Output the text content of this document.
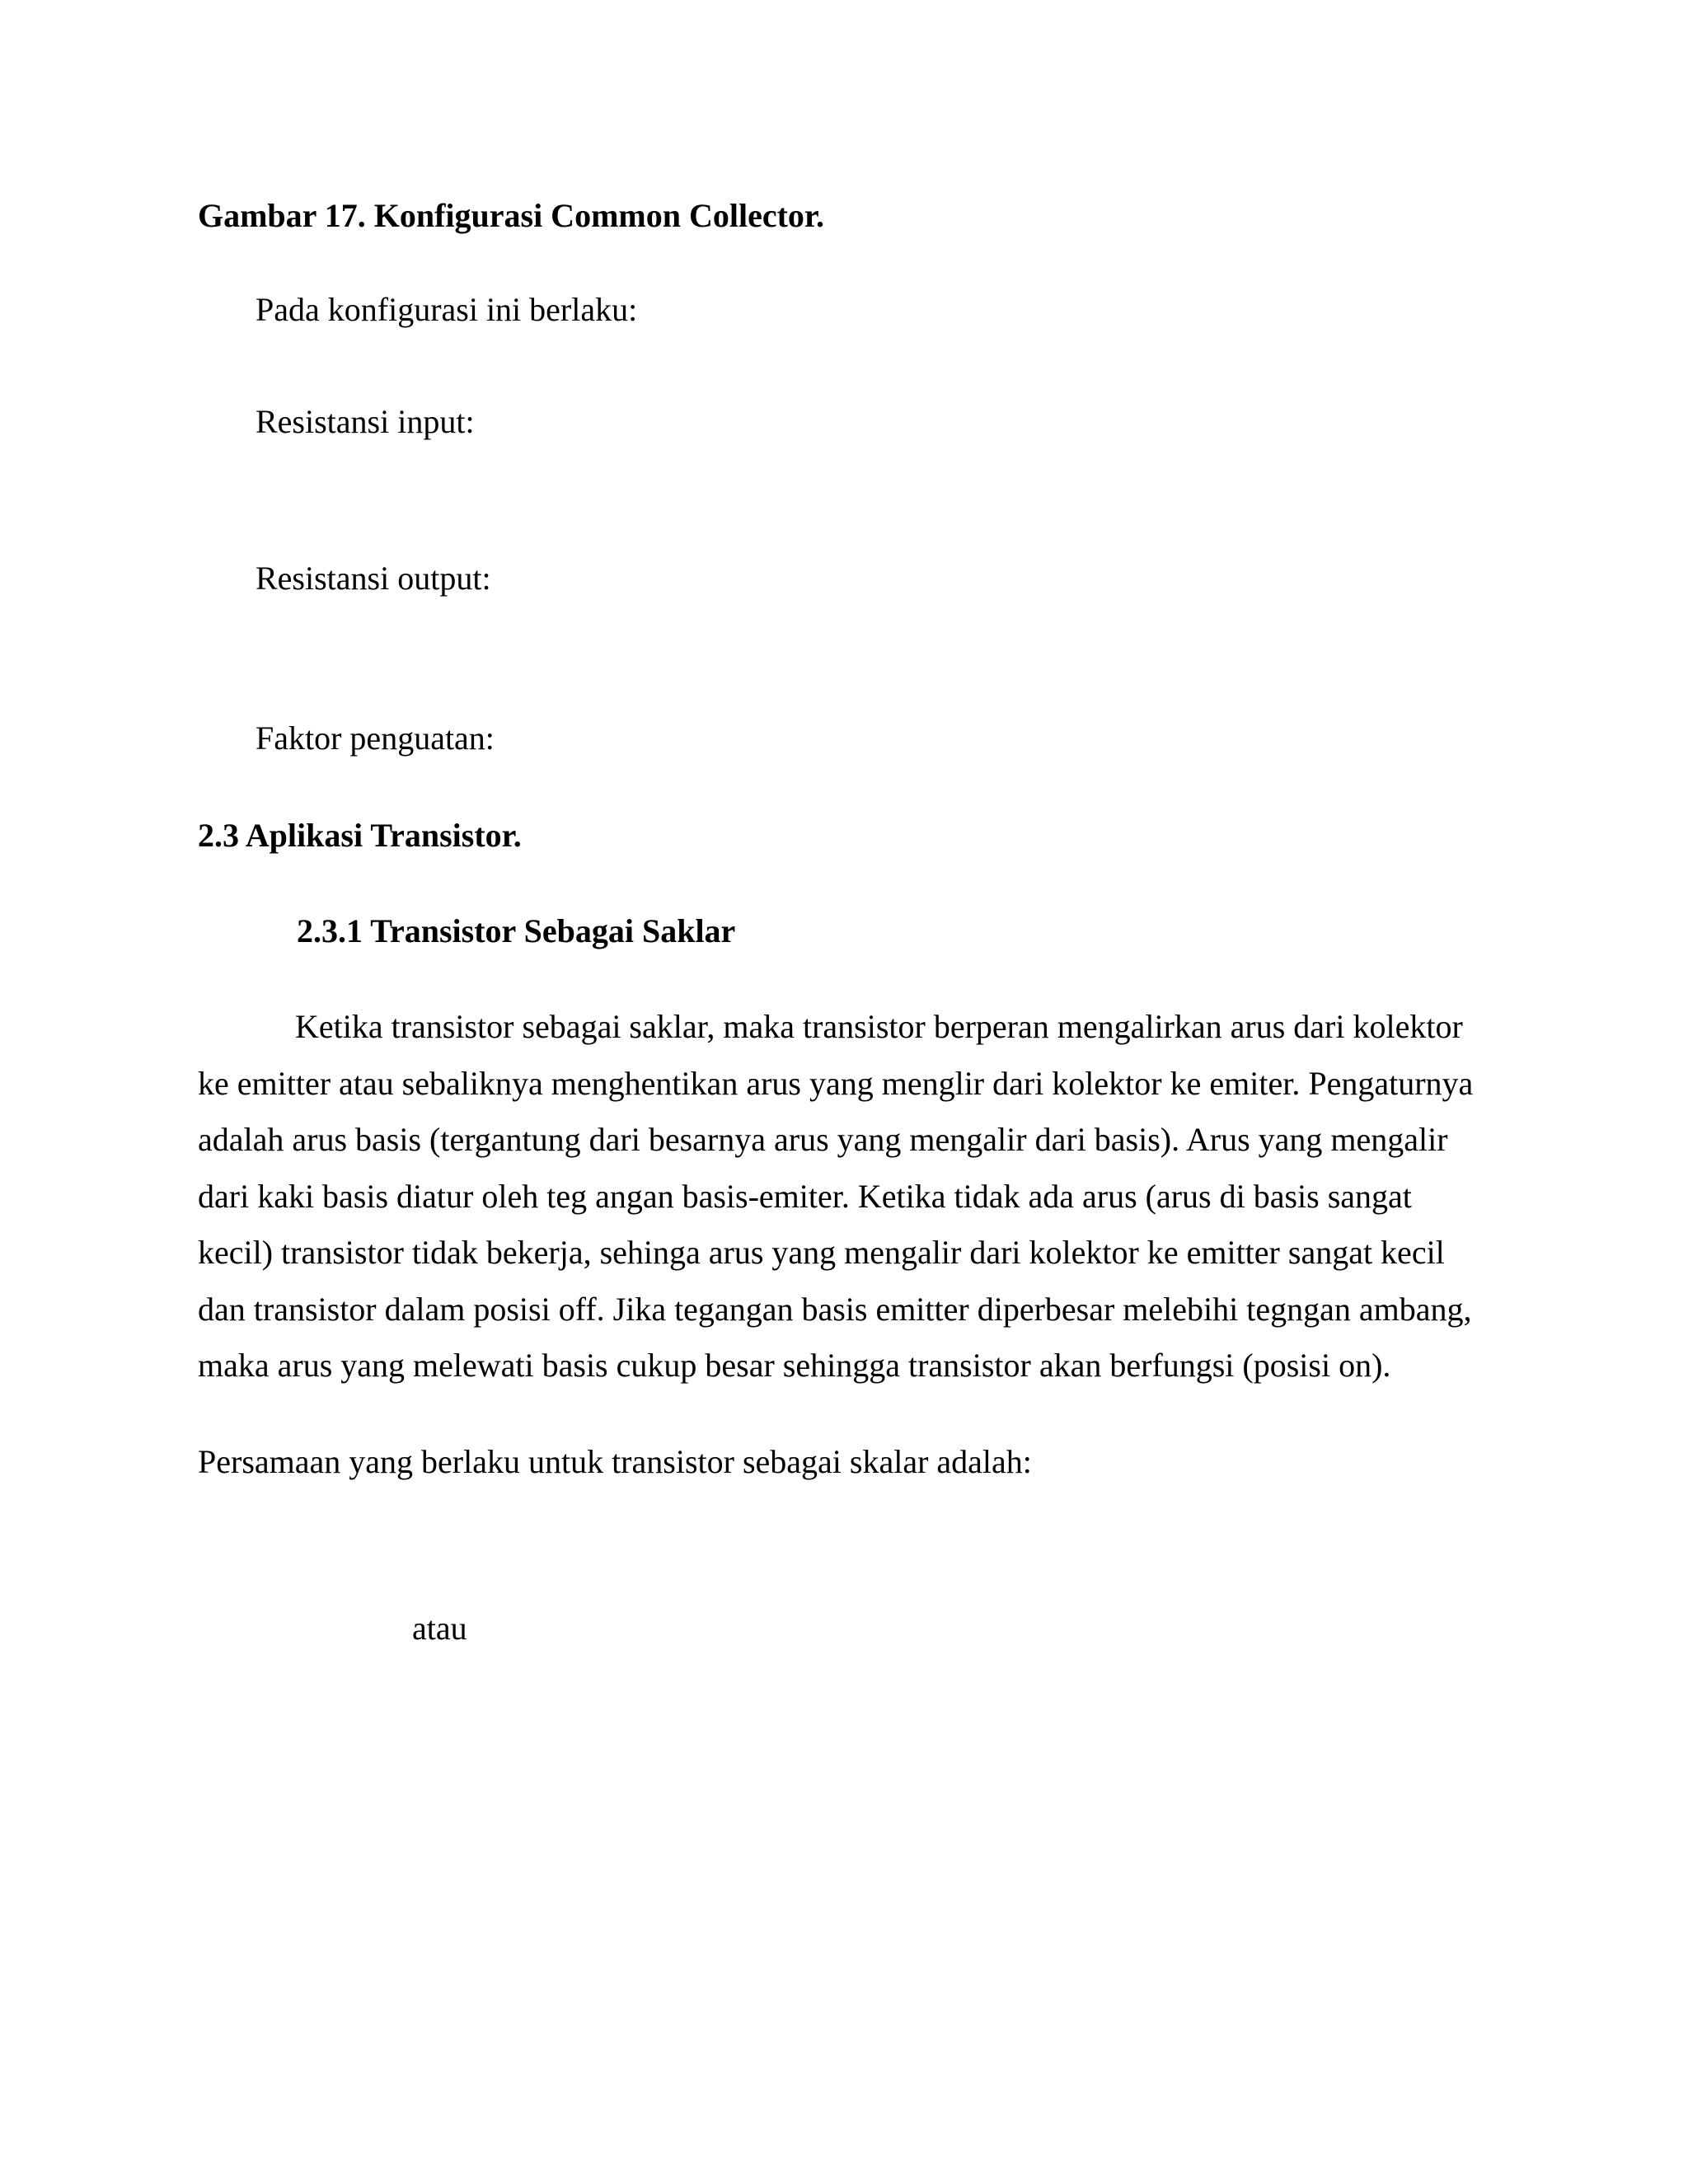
Gambar 17. Konfigurasi Common Collector.
Pada konfigurasi ini berlaku:
Resistansi input:
Resistansi output:
Faktor penguatan:
2.3 Aplikasi Transistor.
2.3.1 Transistor Sebagai Saklar
Ketika transistor sebagai saklar, maka transistor berperan mengalirkan arus dari kolektor
ke emitter atau sebaliknya menghentikan arus yang menglir dari kolektor ke emiter. Pengaturnya
adalah arus basis (tergantung dari besarnya arus yang mengalir dari basis). Arus yang mengalir
dari kaki basis diatur oleh teg angan basis-emiter. Ketika tidak ada arus (arus di basis sangat
kecil) transistor tidak bekerja, sehinga arus yang mengalir dari kolektor ke emitter sangat kecil
dan transistor dalam posisi off. Jika tegangan basis emitter diperbesar melebihi tegngan ambang,
maka arus yang melewati basis cukup besar sehingga transistor akan berfungsi (posisi on).
Persamaan yang berlaku untuk transistor sebagai skalar adalah:
atau
